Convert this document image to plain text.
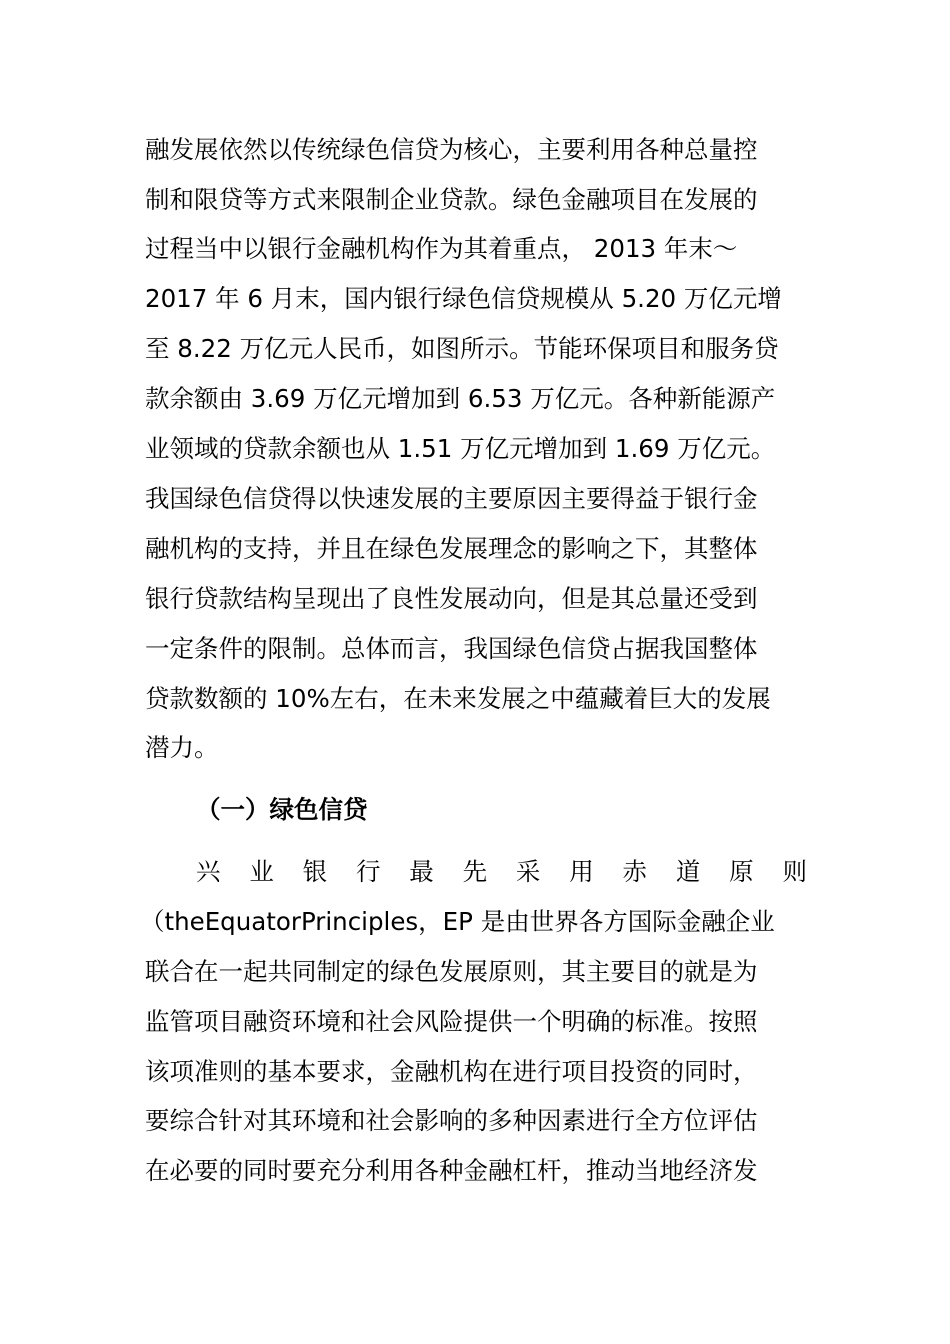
融发展依然以传统绿色信贷为核心，主要利用各种总量控
制和限贷等方式来限制企业贷款。绿色金融项目在发展的
过程当中以银行金融机构作为其着重点， 2013 年末～
2017 年 6 月末，国内银行绿色信贷规模从 5.20 万亿元增
至 8.22 万亿元人民币，如图所示。节能环保项目和服务贷
款余额由 3.69 万亿元增加到 6.53 万亿元。各种新能源产
业领域的贷款余额也从 1.51 万亿元增加到 1.69 万亿元。
我国绿色信贷得以快速发展的主要原因主要得益于银行金
融机构的支持，并且在绿色发展理念的影响之下，其整体
银行贷款结构呈现出了良性发展动向，但是其总量还受到
一定条件的限制。总体而言，我国绿色信贷占据我国整体
贷款数额的 10%左右，在未来发展之中蕴藏着巨大的发展
潜力。
（一）绿色信贷
兴 业 银 行 最 先 采 用 赤 道 原 则
（theEquatorPrinciples，EP 是由世界各方国际金融企业
联合在一起共同制定的绿色发展原则，其主要目的就是为
监管项目融资环境和社会风险提供一个明确的标准。按照
该项准则的基本要求，金融机构在进行项目投资的同时，
要综合针对其环境和社会影响的多种因素进行全方位评估
在必要的同时要充分利用各种金融杠杆，推动当地经济发
